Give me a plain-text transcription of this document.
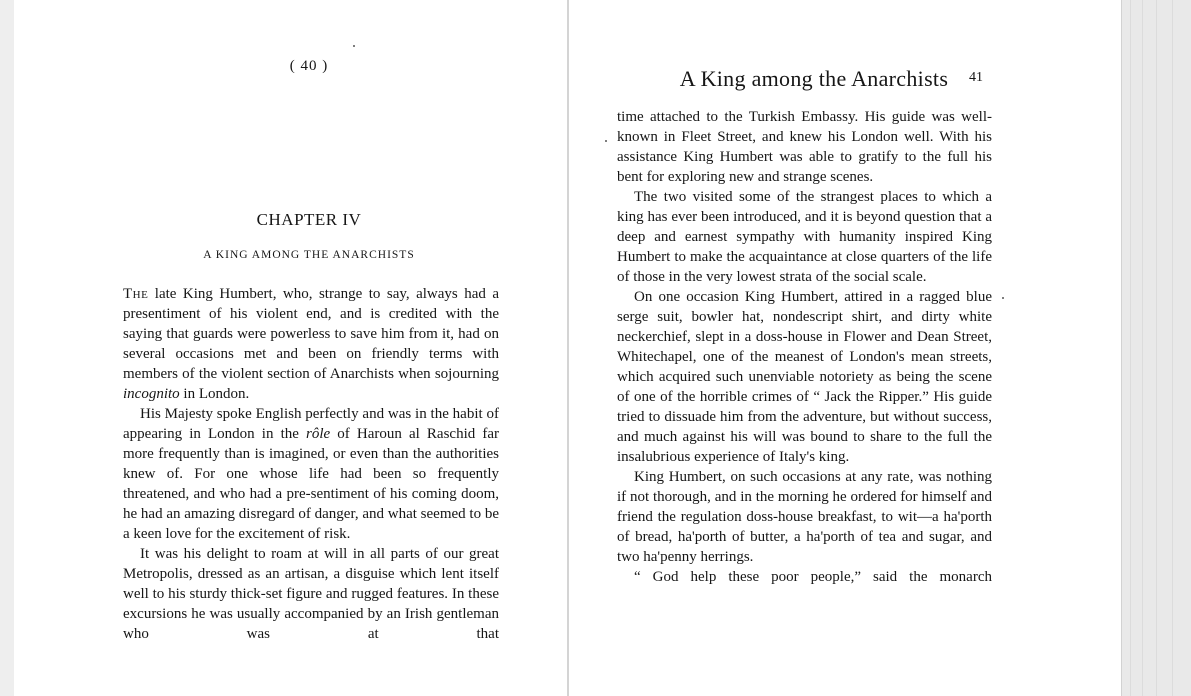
( 40 )
CHAPTER IV
A KING AMONG THE ANARCHISTS

The late King Humbert, who, strange to say, always had a presentiment of his violent end, and is credited with the saying that guards were powerless to save him from it, had on several occasions met and been on friendly terms with members of the violent section of Anarchists when sojourning incognito in London.

His Majesty spoke English perfectly and was in the habit of appearing in London in the rôle of Haroun al Raschid far more frequently than is imagined, or even than the authorities knew of. For one whose life had been so frequently threatened, and who had a pre-sentiment of his coming doom, he had an amazing disregard of danger, and what seemed to be a keen love for the excitement of risk.

It was his delight to roam at will in all parts of our great Metropolis, dressed as an artisan, a disguise which lent itself well to his sturdy thick-set figure and rugged features. In these excursions he was usually accompanied by an Irish gentleman who was at that

A King among the Anarchists	41

time attached to the Turkish Embassy. His guide was well-known in Fleet Street, and knew his London well. With his assistance King Humbert was able to gratify to the full his bent for exploring new and strange scenes.

The two visited some of the strangest places to which a king has ever been introduced, and it is beyond question that a deep and earnest sympathy with humanity inspired King Humbert to make the acquaintance at close quarters of the life of those in the very lowest strata of the social scale.

On one occasion King Humbert, attired in a ragged blue serge suit, bowler hat, nondescript shirt, and dirty white neckerchief, slept in a doss-house in Flower and Dean Street, Whitechapel, one of the meanest of London's mean streets, which acquired such unenviable notoriety as being the scene of one of the horrible crimes of “ Jack the Ripper.” His guide tried to dissuade him from the adventure, but without success, and much against his will was bound to share to the full the insalubrious experience of Italy's king.

King Humbert, on such occasions at any rate, was nothing if not thorough, and in the morning he ordered for himself and friend the regulation doss-house breakfast, to wit—a ha'porth of bread, ha'porth of butter, a ha'porth of tea and sugar, and two ha'penny herrings.

“ God help these poor people,” said the monarch
